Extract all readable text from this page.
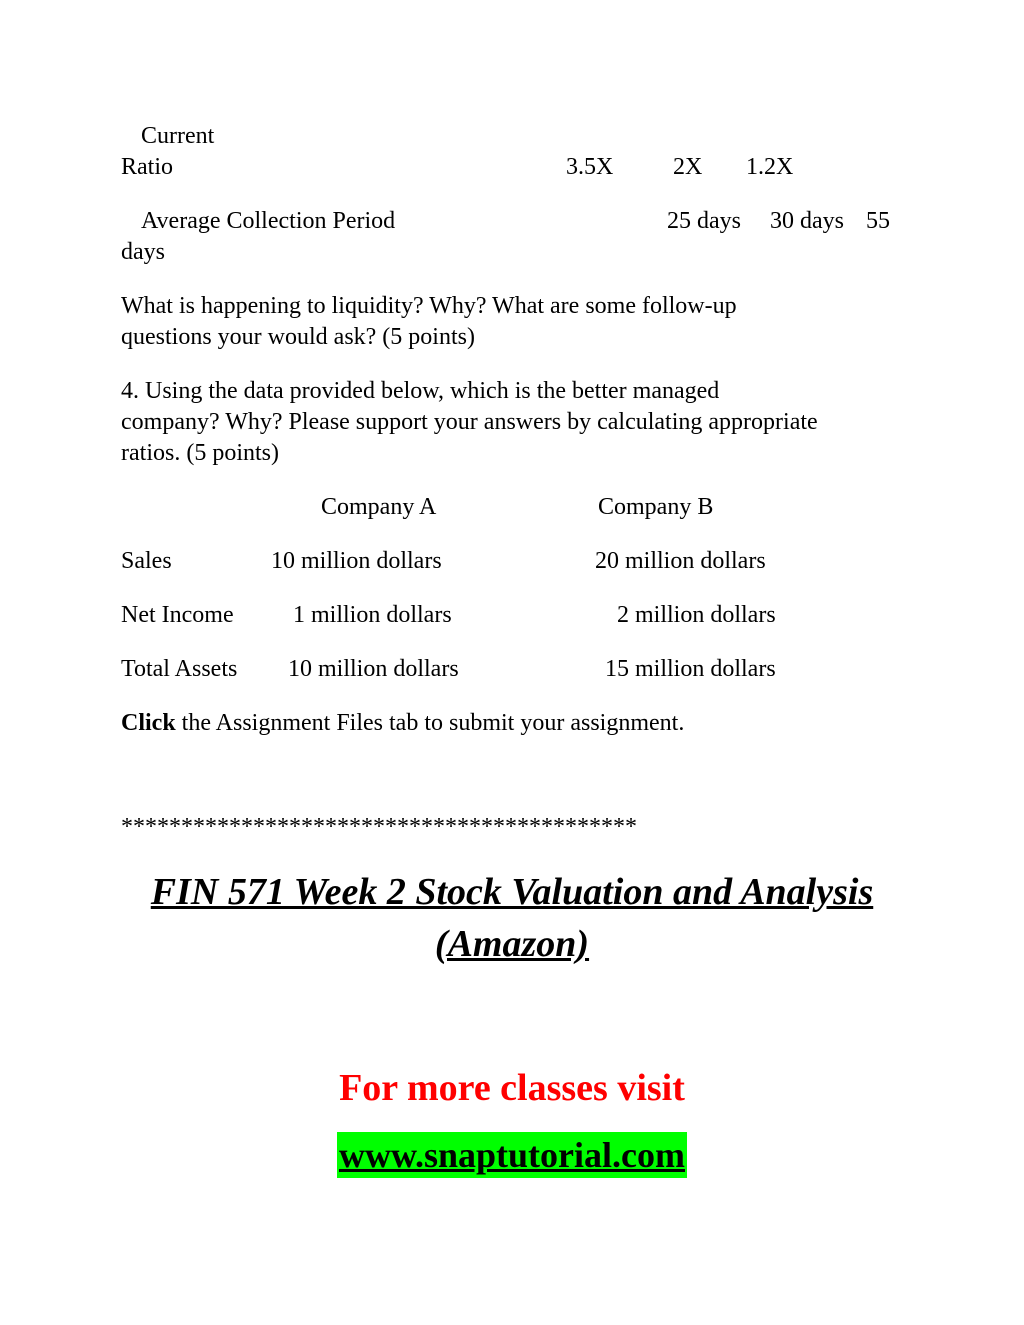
Current
Ratio	3.5X 2X 1.2X
Average Collection Period	25 days 30 days 55
days

What is happening to liquidity? Why? What are some follow-up questions your would ask? (5 points)

4. Using the data provided below, which is the better managed company? Why? Please support your answers by calculating appropriate ratios. (5 points)

Company A	Company B
Sales	10 million dollars	20 million dollars
Net Income 1 million dollars	2 million dollars
Total Assets 10 million dollars	15 million dollars
Click the Assignment Files tab to submit your assignment.
*******************************************
FIN 571 Week 2 Stock Valuation and Analysis (Amazon)
For more classes visit
www.snaptutorial.com
